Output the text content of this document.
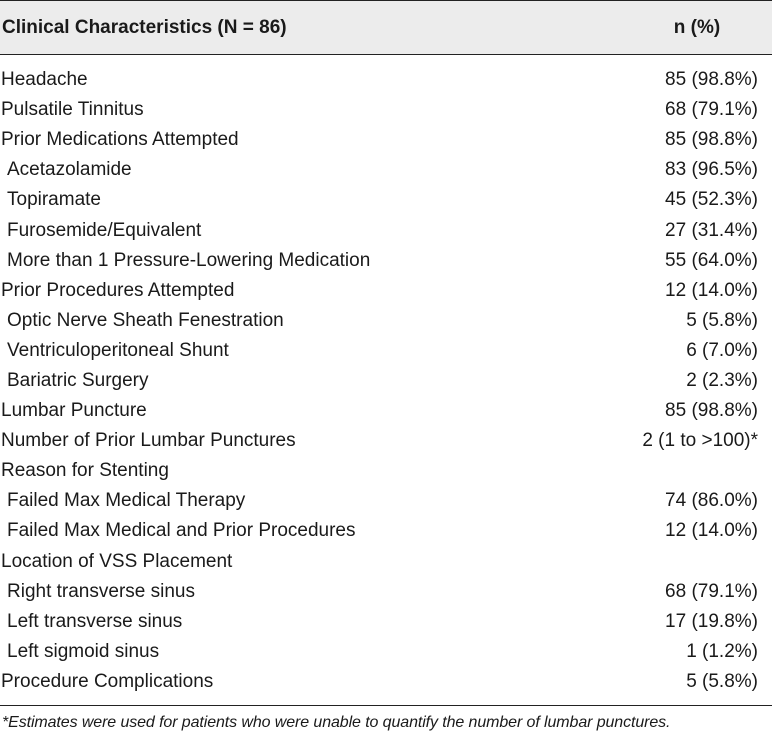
Clinical Characteristics (N = 86)	n (%)
Headache	85 (98.8%)
Pulsatile Tinnitus	68 (79.1%)
Prior Medications Attempted	85 (98.8%)
Acetazolamide	83 (96.5%)
Topiramate	45 (52.3%)
Furosemide/Equivalent	27 (31.4%)
More than 1 Pressure-Lowering Medication	55 (64.0%)
Prior Procedures Attempted	12 (14.0%)
Optic Nerve Sheath Fenestration	5 (5.8%)
Ventriculoperitoneal Shunt	6 (7.0%)
Bariatric Surgery	2 (2.3%)
Lumbar Puncture	85 (98.8%)
Number of Prior Lumbar Punctures	2 (1 to >100)*
Reason for Stenting
Failed Max Medical Therapy	74 (86.0%)
Failed Max Medical and Prior Procedures	12 (14.0%)
Location of VSS Placement
Right transverse sinus	68 (79.1%)
Left transverse sinus	17 (19.8%)
Left sigmoid sinus	1 (1.2%)
Procedure Complications	5 (5.8%)
*Estimates were used for patients who were unable to quantify the number of lumbar punctures.
